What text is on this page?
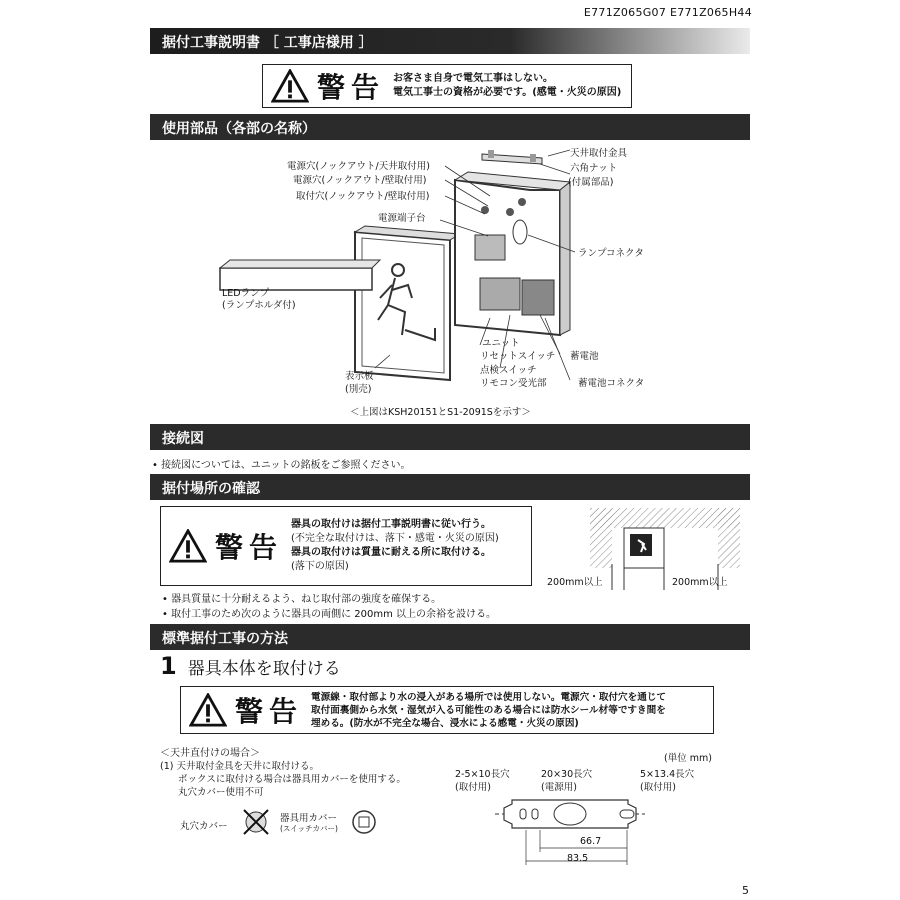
E771Z065G07 E771Z065H44
据付工事説明書 ［ 工事店様用 ］
警告 お客さま自身で電気工事はしない。
電気工事士の資格が必要です。(感電・火災の原因)
使用部品（各部の名称）
電源穴(ノックアウト/天井取付用)
電源穴(ノックアウト/壁取付用)
取付穴(ノックアウト/壁取付用)
電源端子台
LEDランプ
(ランプホルダ付)
天井取付金具
六角ナット
(付属部品)
ランプコネクタ
ユニット
リセットスイッチ 蓄電池
点検スイッチ
リモコン受光部	蓄電池コネクタ
表示板
(別売)
＜上図はKSH20151とS1-2091Sを示す＞
接続図
• 接続図については、ユニットの銘板をご参照ください。
据付場所の確認
警告
器具の取付けは据付工事説明書に従い行う。
(不完全な取付けは、落下・感電・火災の原因)
器具の取付けは質量に耐える所に取付ける。
(落下の原因)
200mm以上	200mm以上
• 器具質量に十分耐えるよう、ねじ取付部の強度を確保する。
• 取付工事のため次のように器具の両側に 200mm 以上の余裕を設ける。
標準据付工事の方法
1 器具本体を取付ける
警告 電源線・取付部より水の浸入がある場所では使用しない。電源穴・取付穴を通じて
取付面裏側から水気・湿気が入る可能性のある場合には防水シール材等ですき間を
埋める。(防水が不完全な場合、浸水による感電・火災の原因)
＜天井直付けの場合＞
(1) 天井取付金具を天井に取付ける。
ボックスに取付ける場合は器具用カバーを使用する。
丸穴カバー使用不可
丸穴カバー
器具用カバー
(スイッチカバー)
(単位 mm)
2-5×10長穴
(取付用)
20×30長穴
(電源用)
5×13.4長穴
(取付用)
66.7
83.5
5
